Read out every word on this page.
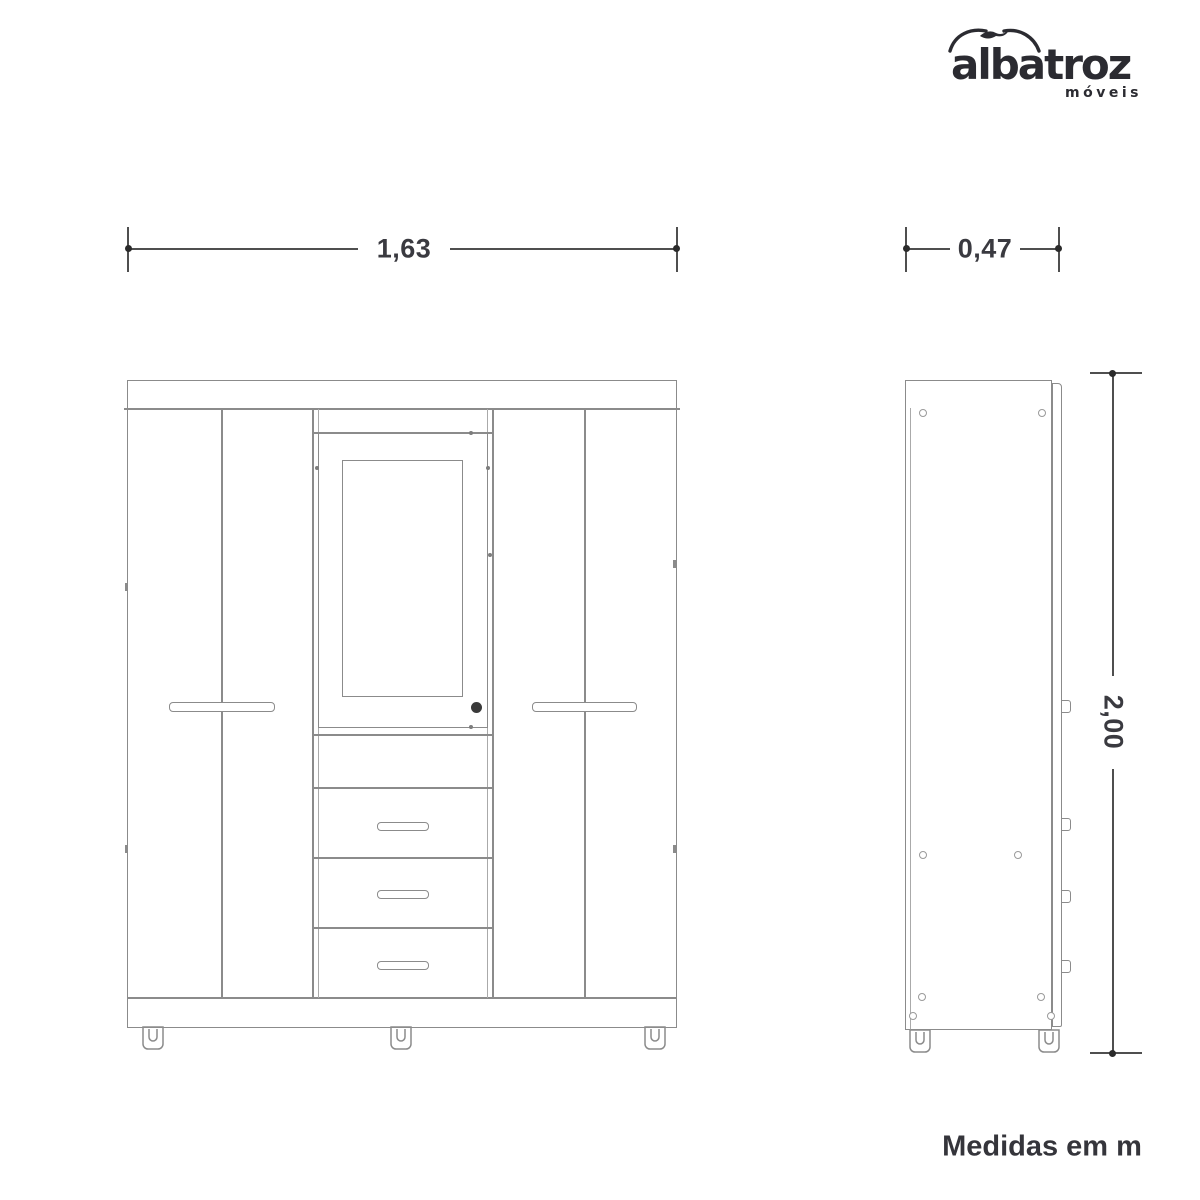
albatroz
móveis
1,63	0,47
2,00
Medidas em m
